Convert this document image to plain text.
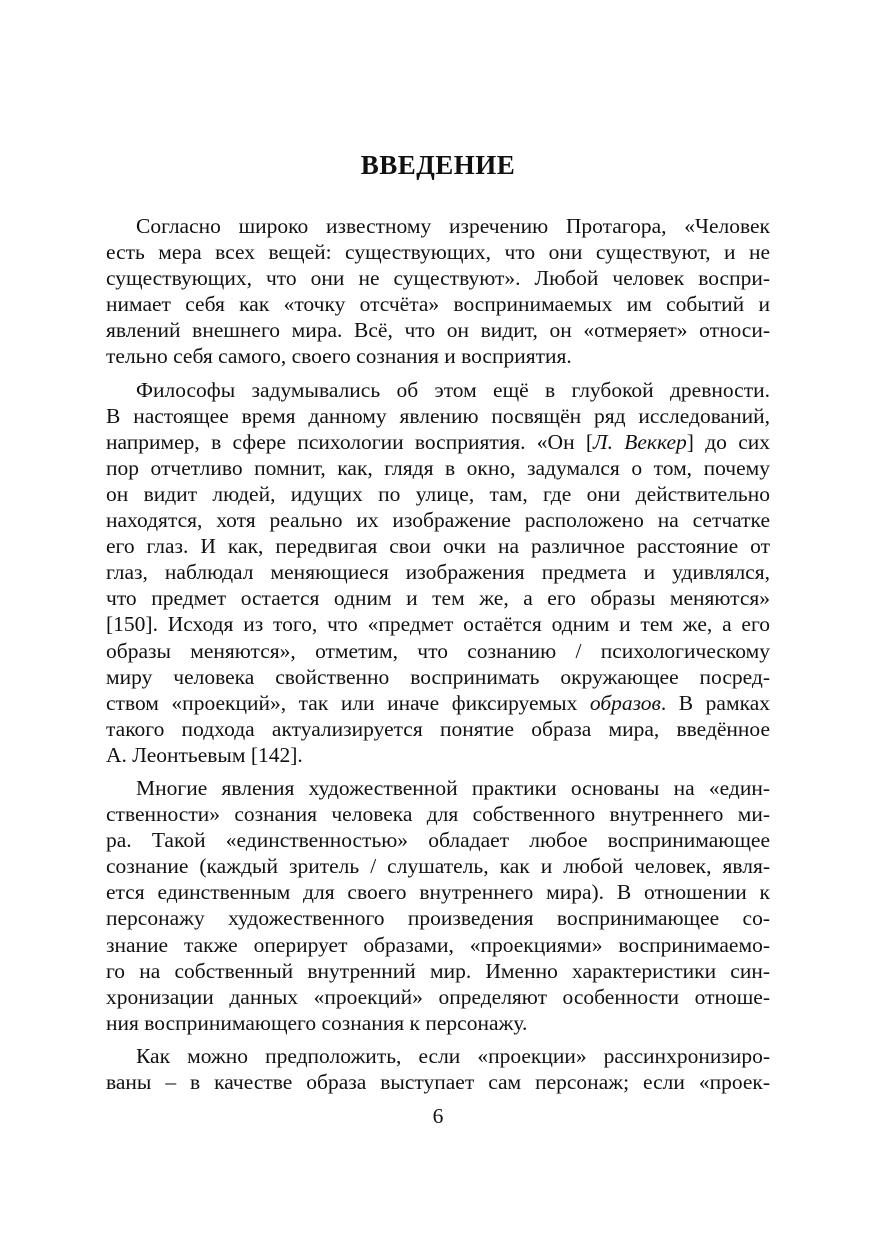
ВВЕДЕНИЕ
Согласно широко известному изречению Протагора, «Человек
есть мера всех вещей: существующих, что они существуют, и не
существующих, что они не существуют». Любой человек воспри-
нимает себя как «точку отсчёта» воспринимаемых им событий и
явлений внешнего мира. Всё, что он видит, он «отмеряет» относи-
тельно себя самого, своего сознания и восприятия.
Философы задумывались об этом ещё в глубокой древности.
В настоящее время данному явлению посвящён ряд исследований,
например, в сфере психологии восприятия. «Он [Л. Веккер] до сих
пор отчетливо помнит, как, глядя в окно, задумался о том, почему
он видит людей, идущих по улице, там, где они действительно
находятся, хотя реально их изображение расположено на сетчатке
его глаз. И как, передвигая свои очки на различное расстояние от
глаз, наблюдал меняющиеся изображения предмета и удивлялся,
что предмет остается одним и тем же, а его образы меняются»
[150]. Исходя из того, что «предмет остаётся одним и тем же, а его
образы меняются», отметим, что сознанию / психологическому
миру человека свойственно воспринимать окружающее посред-
ством «проекций», так или иначе фиксируемых образов. В рамках
такого подхода актуализируется понятие образа мира, введённое
А. Леонтьевым [142].
Многие явления художественной практики основаны на «един-
ственности» сознания человека для собственного внутреннего ми-
ра. Такой «единственностью» обладает любое воспринимающее
сознание (каждый зритель / слушатель, как и любой человек, явля-
ется единственным для своего внутреннего мира). В отношении к
персонажу художественного произведения воспринимающее со-
знание также оперирует образами, «проекциями» воспринимаемо-
го на собственный внутренний мир. Именно характеристики син-
хронизации данных «проекций» определяют особенности отноше-
ния воспринимающего сознания к персонажу.
Как можно предположить, если «проекции» рассинхронизиро-
ваны – в качестве образа выступает сам персонаж; если «проек-
6
